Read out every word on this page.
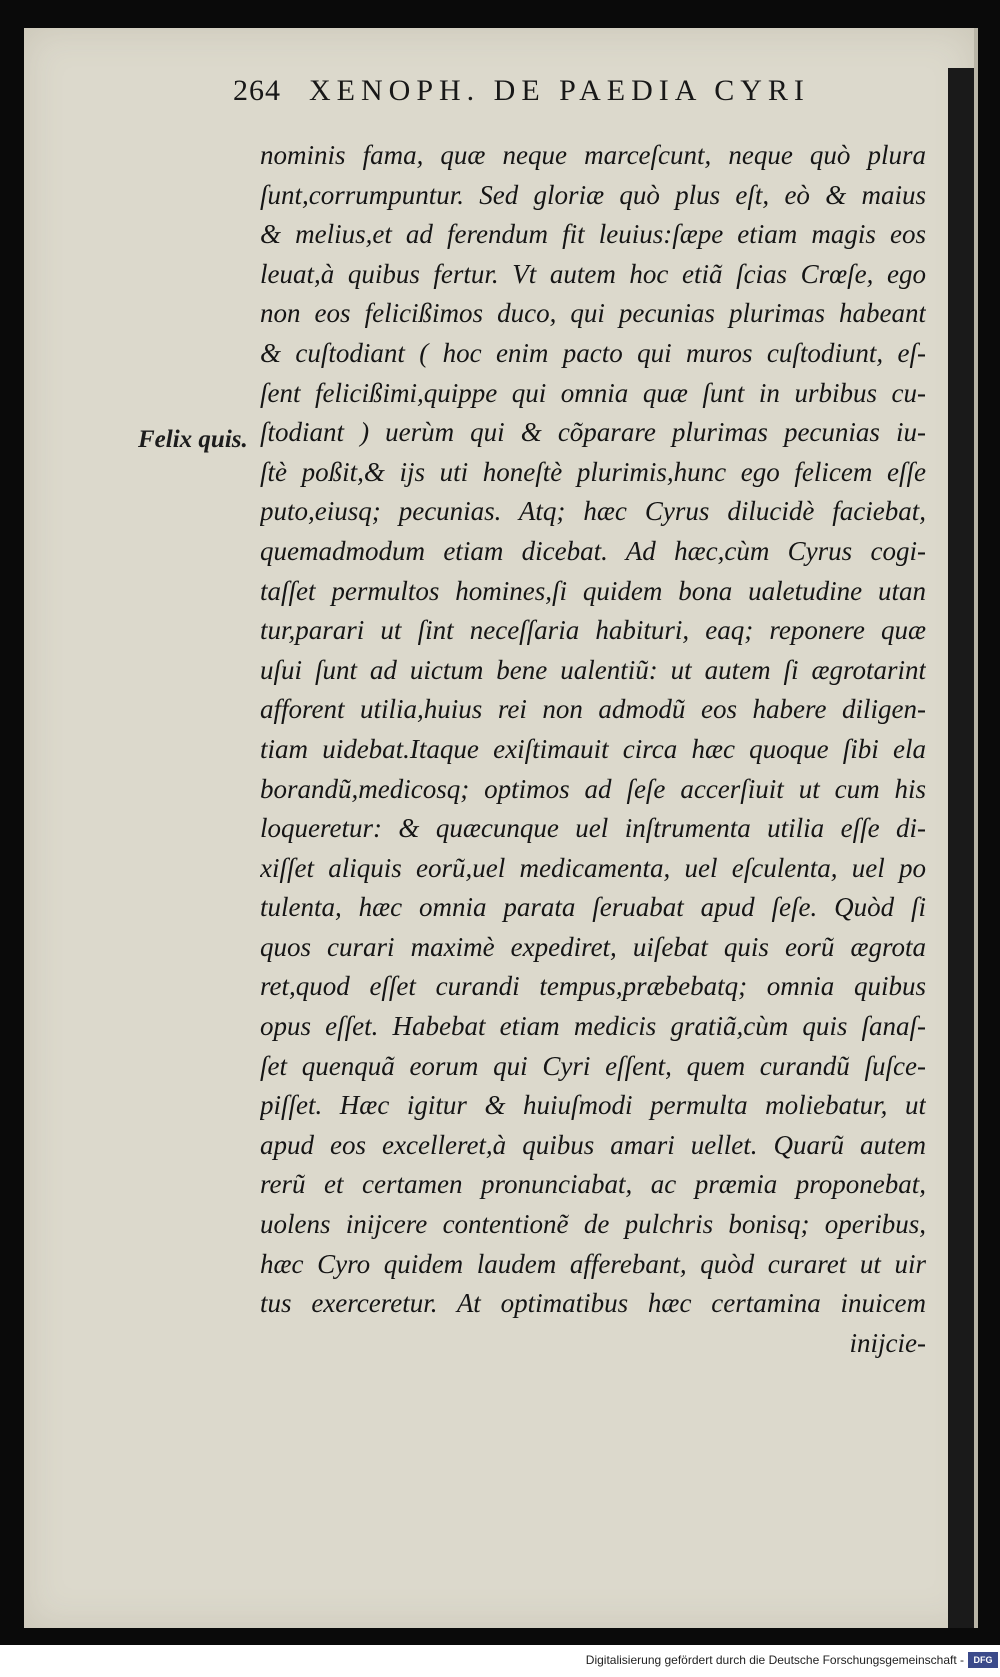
264 XENOPH. DE PAEDIA CYRI
Felix quis.
nominis fama, quæ neque marceſcunt, neque quò plura
ſunt,corrumpuntur. Sed gloriæ quò plus eſt, eò & maius
& melius,et ad ferendum fit leuius:ſæpe etiam magis eos
leuat,à quibus fertur. Vt autem hoc etiã ſcias Crœſe, ego
non eos felicißimos duco, qui pecunias plurimas habeant
& cuſtodiant ( hoc enim pacto qui muros cuſtodiunt, eſ-
ſent felicißimi,quippe qui omnia quæ ſunt in urbibus cu-
ſtodiant ) uerùm qui & cõparare plurimas pecunias iu-
ſtè poßit,& ijs uti honeſtè plurimis,hunc ego felicem eſſe
puto,eiusq; pecunias. Atq; hæc Cyrus dilucidè faciebat,
quemadmodum etiam dicebat. Ad hæc,cùm Cyrus cogi-
taſſet permultos homines,ſi quidem bona ualetudine utan
tur,parari ut ſint neceſſaria habituri, eaq; reponere quæ
uſui ſunt ad uictum bene ualentiũ: ut autem ſi ægrotarint
afforent utilia,huius rei non admodũ eos habere diligen-
tiam uidebat.Itaque exiſtimauit circa hæc quoque ſibi ela
borandũ,medicosq; optimos ad ſeſe accerſiuit ut cum his
loqueretur: & quæcunque uel inſtrumenta utilia eſſe di-
xiſſet aliquis eorũ,uel medicamenta, uel eſculenta, uel po
tulenta, hæc omnia parata ſeruabat apud ſeſe. Quòd ſi
quos curari maximè expediret, uiſebat quis eorũ ægrota
ret,quod eſſet curandi tempus,præbebatq; omnia quibus
opus eſſet. Habebat etiam medicis gratiã,cùm quis ſanaſ-
ſet quenquã eorum qui Cyri eſſent, quem curandũ ſuſce-
piſſet. Hæc igitur & huiuſmodi permulta moliebatur, ut
apud eos excelleret,à quibus amari uellet. Quarũ autem
rerũ et certamen pronunciabat, ac præmia proponebat,
uolens inijcere contentionẽ de pulchris bonisq; operibus,
hæc Cyro quidem laudem afferebant, quòd curaret ut uir
tus exerceretur. At optimatibus hæc certamina inuicem
inijcie-
Digitalisierung gefördert durch die Deutsche Forschungsgemeinschaft -	DFG
